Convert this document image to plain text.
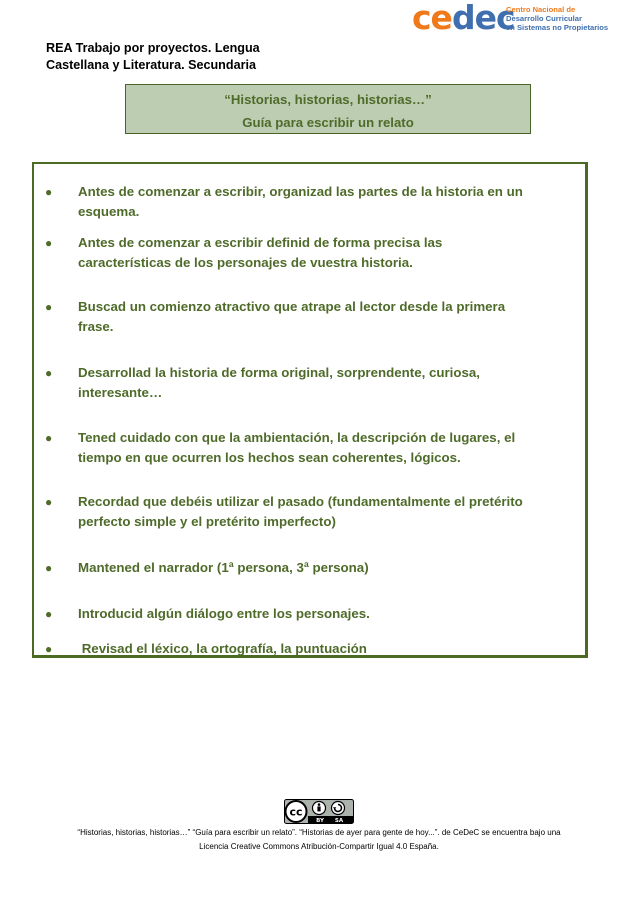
cedec
Centro Nacional de
Desarrollo Curricular
en Sistemas no Propietarios
REA Trabajo por proyectos. Lengua
Castellana y Literatura. Secundaria
“Historias, historias, historias…”
Guía para escribir un relato
●	Antes de comenzar a escribir, organizad las partes de la historia en un
esquema.
●	Antes de comenzar a escribir definid de forma precisa las
características de los personajes de vuestra historia.
●	Buscad un comienzo atractivo que atrape al lector desde la primera
frase.
●	Desarrollad la historia de forma original, sorprendente, curiosa,
interesante…
●	Tened cuidado con que la ambientación, la descripción de lugares, el
tiempo en que ocurren los hechos sean coherentes, lógicos.
●	Recordad que debéis utilizar el pasado (fundamentalmente el pretérito
perfecto simple y el pretérito imperfecto)
●	Mantened el narrador (1ª persona, 3ª persona)
●	Introducid algún diálogo entre los personajes.
●	Revisad el léxico, la ortografía, la puntuación
cc
BY SA
“Historias, historias, historias…” “Guía para escribir un relato”. “Historias de ayer para gente de hoy...”. de CeDeC se encuentra bajo una
Licencia Creative Commons Atribución-Compartir Igual 4.0 España.
